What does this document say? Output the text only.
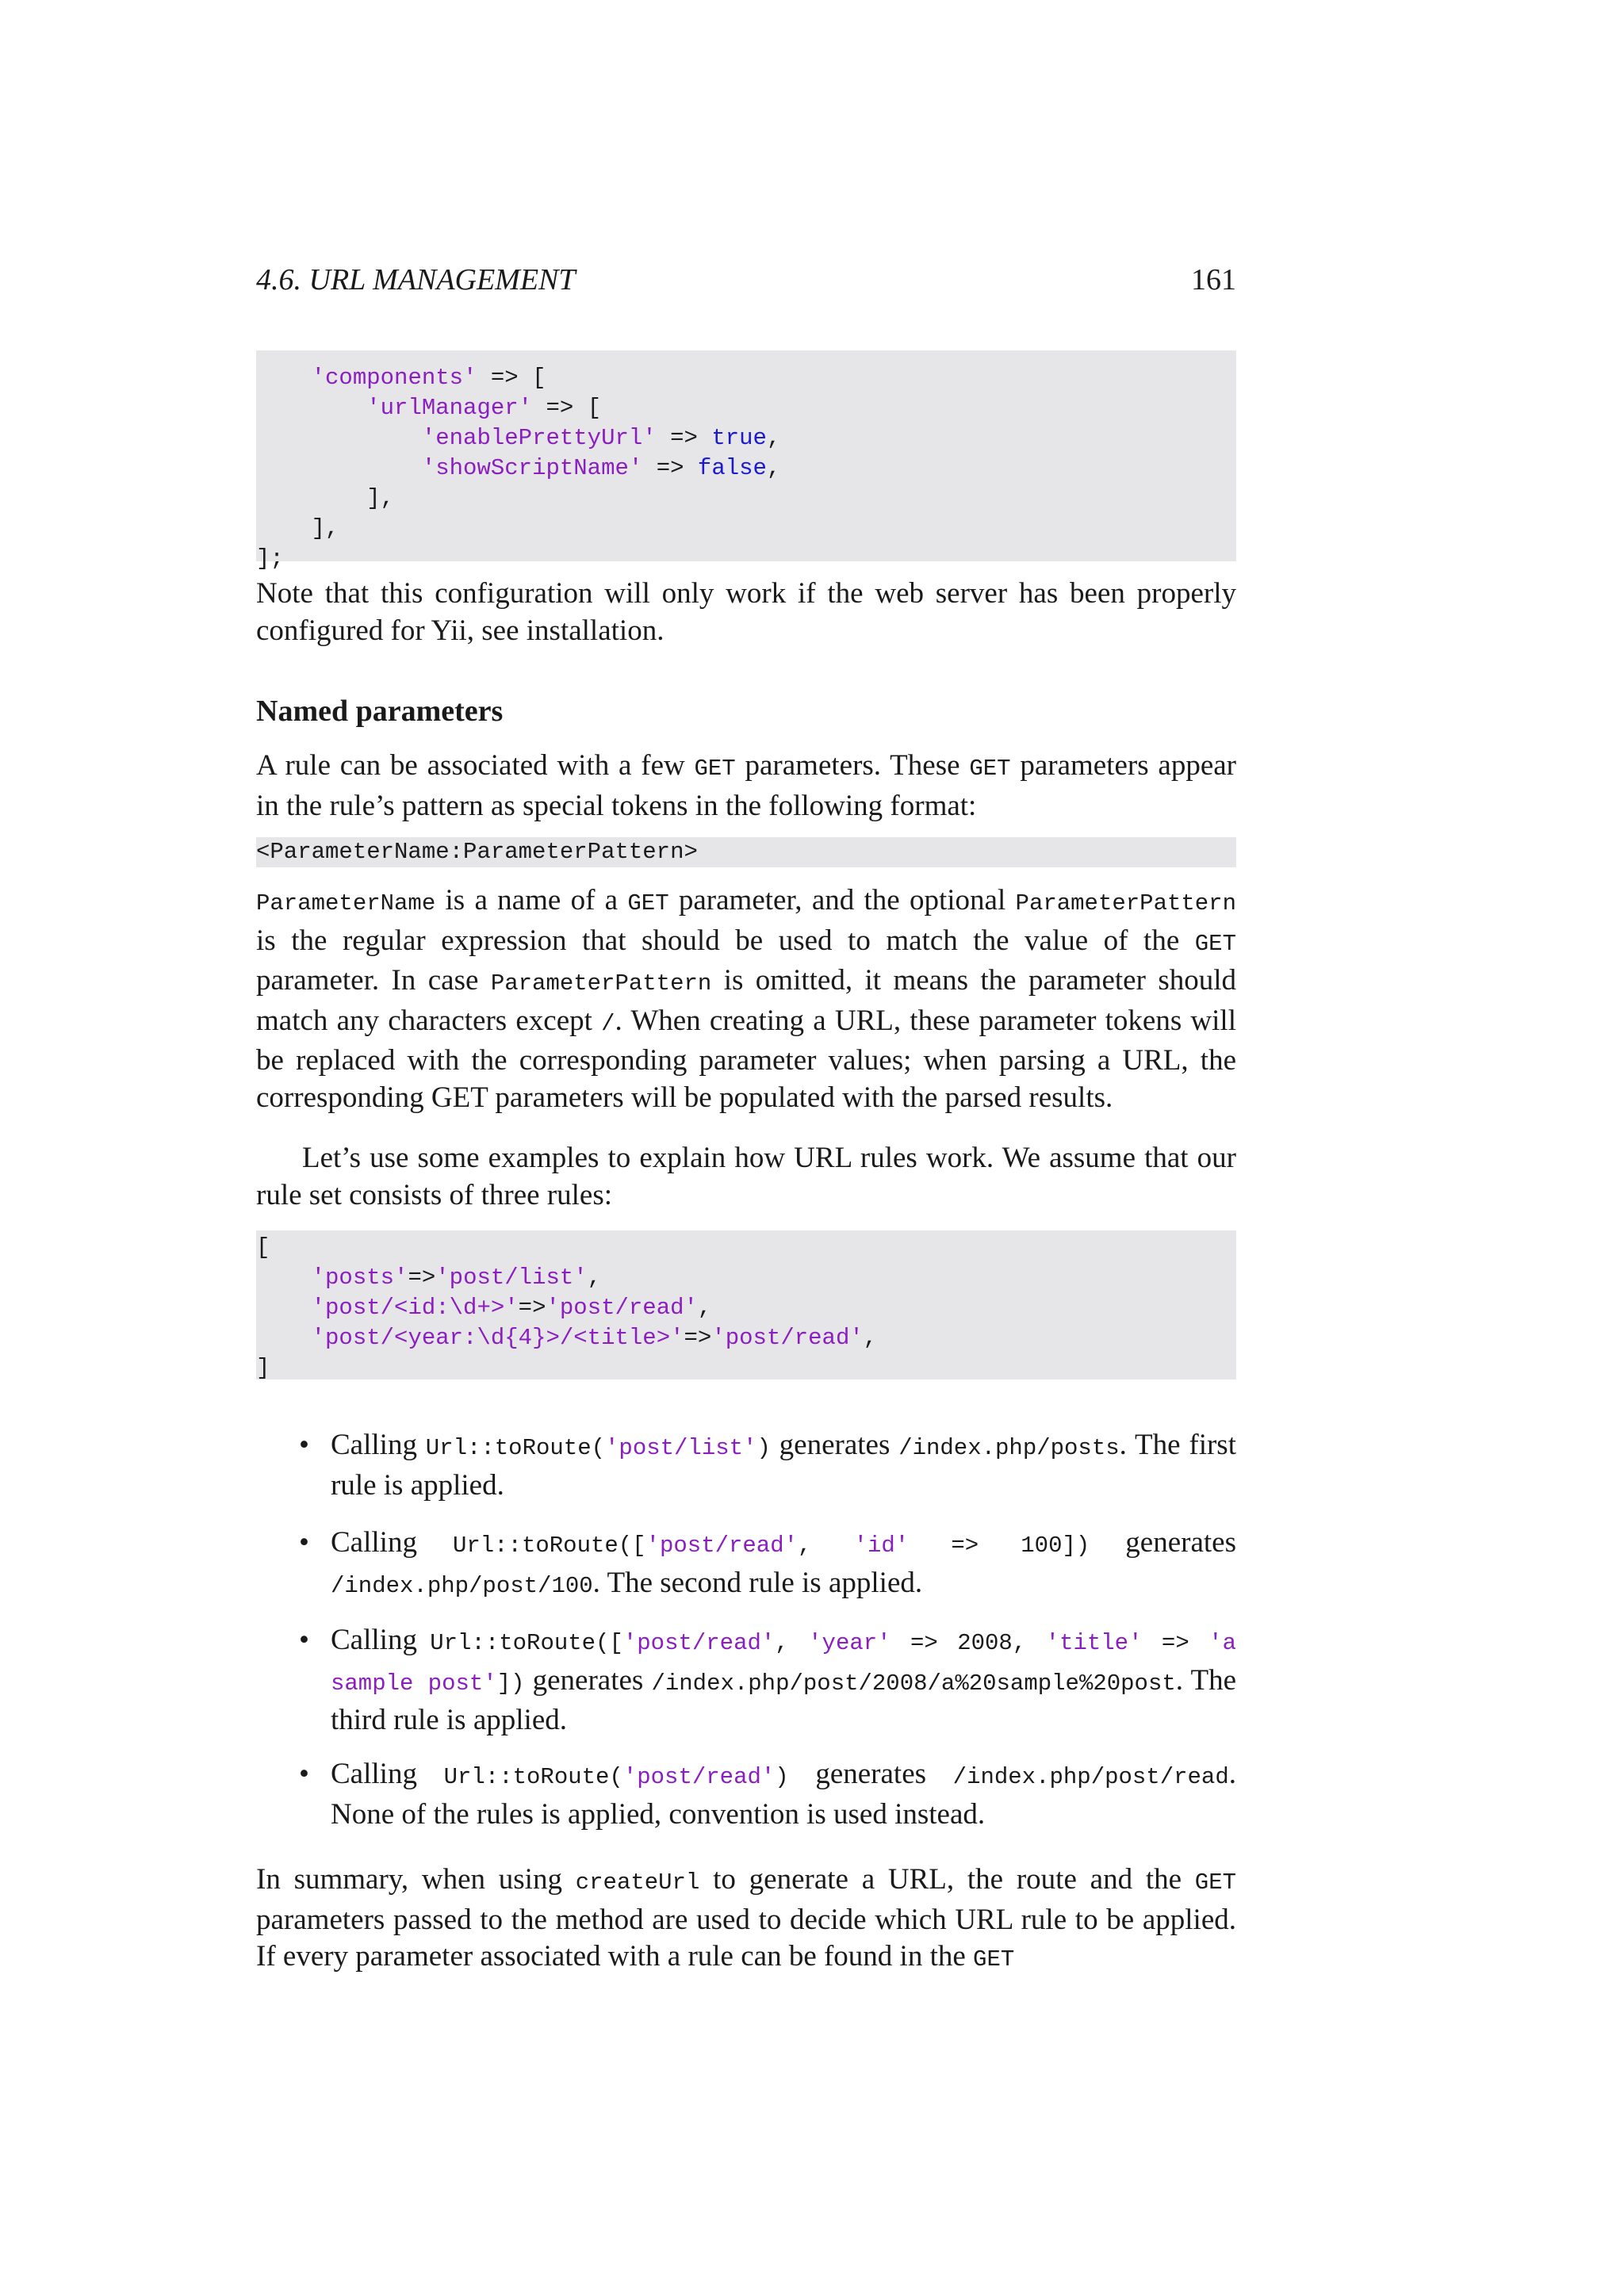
4.6. URL MANAGEMENT	161
'components' => [
'urlManager' => [
'enablePrettyUrl' => true,
'showScriptName' => false,
],
],
];
Note that this configuration will only work if the web server has been properly configured for Yii, see installation.
Named parameters
A rule can be associated with a few GET parameters. These GET parameters appear in the rule’s pattern as special tokens in the following format:
<ParameterName:ParameterPattern>
ParameterName is a name of a GET parameter, and the optional ParameterPattern is the regular expression that should be used to match the value of the GET parameter. In case ParameterPattern is omitted, it means the parameter should match any characters except /. When creating a URL, these parameter tokens will be replaced with the corresponding parameter values; when parsing a URL, the corresponding GET parameters will be populated with the parsed results.
Let’s use some examples to explain how URL rules work. We assume that our rule set consists of three rules:
[
'posts'=>'post/list',
'post/<id:\d+>'=>'post/read',
'post/<year:\d{4}>/<title>'=>'post/read',
]
• Calling Url::toRoute('post/list') generates /index.php/posts. The first rule is applied.
• Calling Url::toRoute(['post/read', 'id' => 100]) generates /index.php/post/100. The second rule is applied.
• Calling Url::toRoute(['post/read', 'year' => 2008, 'title' => 'a sample post']) generates /index.php/post/2008/a%20sample%20post. The third rule is applied.
• Calling Url::toRoute('post/read') generates /index.php/post/read. None of the rules is applied, convention is used instead.
In summary, when using createUrl to generate a URL, the route and the GET parameters passed to the method are used to decide which URL rule to be applied. If every parameter associated with a rule can be found in the GET
